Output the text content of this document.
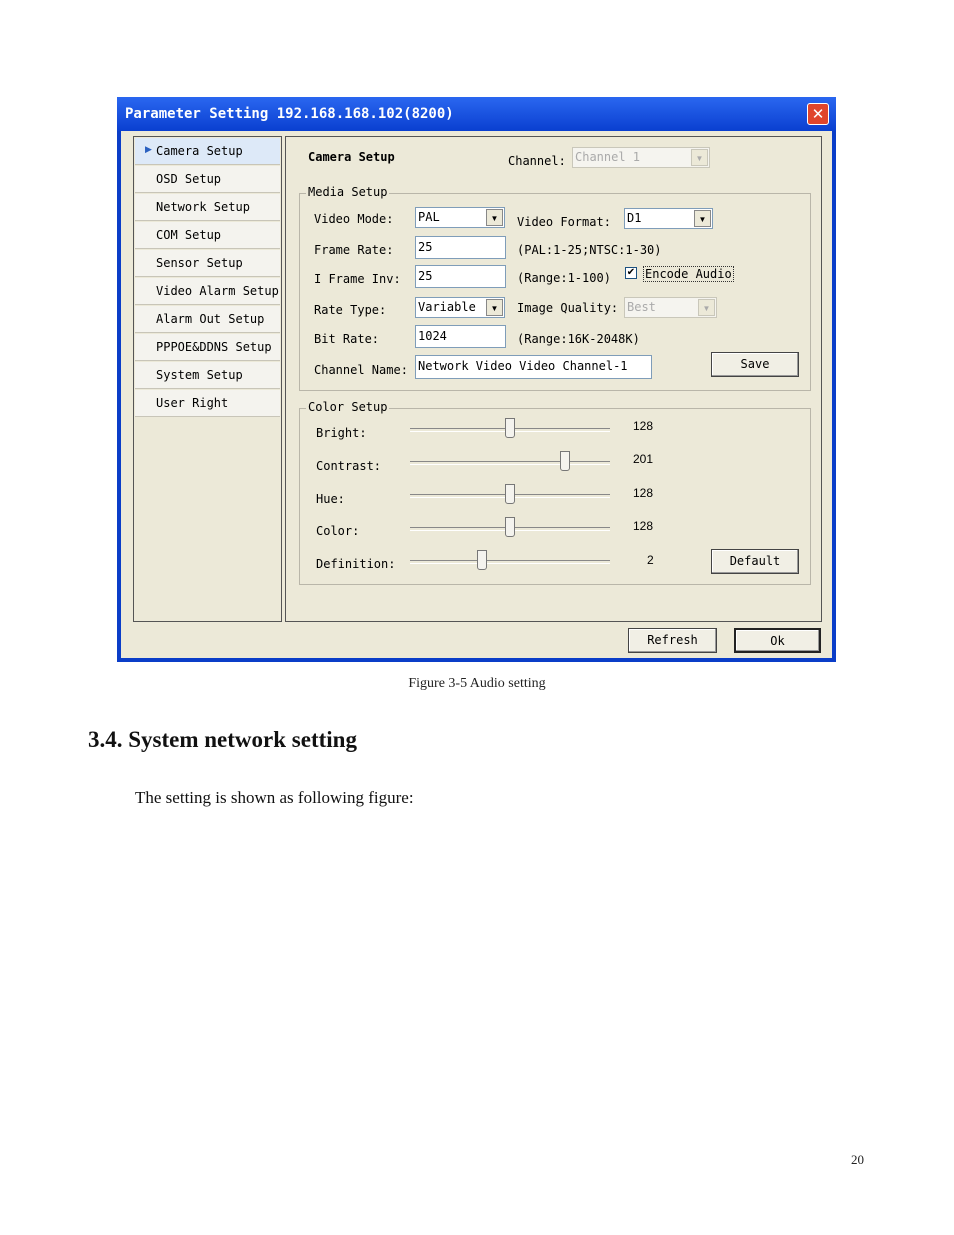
Parameter Setting 192.168.168.102(8200)	✕
▶ Camera Setup
OSD Setup
Network Setup
COM Setup
Sensor Setup
Video Alarm Setup
Alarm Out Setup
PPPOE&DDNS Setup
System Setup
User Right
Camera Setup	Channel: Channel 1	▼
Media Setup
Video Mode: PAL	▼	Video Format: D1	▼
Frame Rate: 25	(PAL:1-25;NTSC:1-30)
I Frame Inv: 25	(Range:1-100) ✔ Encode Audio
Rate Type:	Variable	▼	Image Quality: Best	▼
Bit Rate:	1024	(Range:16K-2048K)
Channel Name: Network Video Video Channel-1	Save
Color Setup
Bright:	128
Contrast:	201
Hue:	128
Color:	128
Definition:	2	Default
Refresh	Ok
Figure 3-5 Audio setting
3.4. System network setting
The setting is shown as following figure:
20
